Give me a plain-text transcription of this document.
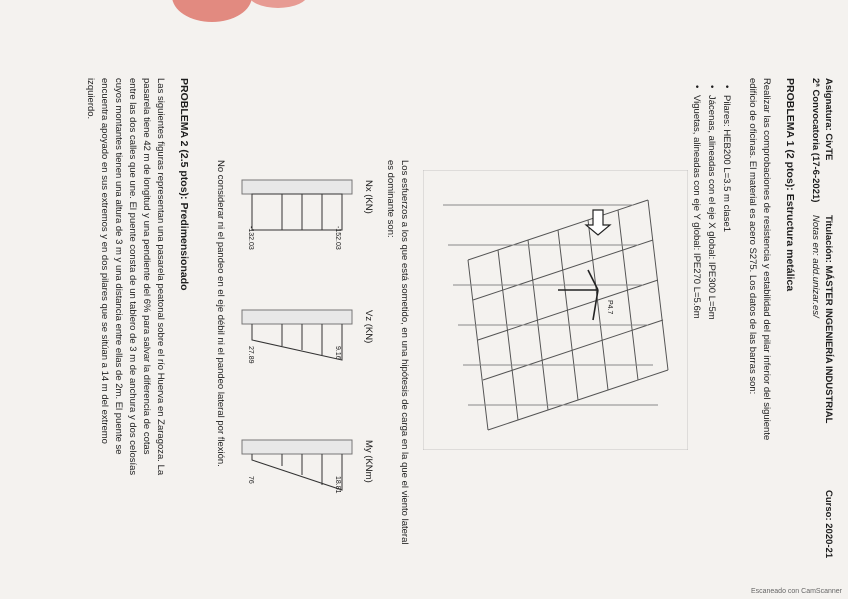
Asignatura: CivTE
Titulación: MÁSTER INGENIERÍA INDUSTRIAL
Curso: 2020-21
2ª Convocatoria (17-6-2021)
Notas en: add.unizar.es/
PROBLEMA 1 (2 ptos): Estructura metálica
Realizar las comprobaciones de resistencia y estabilidad del pilar inferior del siguiente
edificio de oficinas. El material es acero S275. Los datos de las barras son:
• Pilares: HEB200 L=3.5 m clase1
• Jácenas, alineadas con el eje X global: IPE300 L=5m
• Viguetas, alineadas con eje Y global: IPE270 L=5.6m
P4.7
Los esfuerzos a los que está sometido, en una hipótesis de carga en la que el viento lateral
es dominante son:
Nx (KN)
Vz (KN)
My (KNm)
-152.03
-132.03
9.16
27.89
18.81
76
No considerar ni el pandeo en el eje débil ni el pandeo lateral por flexión.
PROBLEMA 2 (2.5 ptos): Predimensionado
Las siguientes figuras representan una pasarela peatonal sobre el río Huerva en Zaragoza. La
pasarela tiene 42 m de longitud y una pendiente del 6% para salvar la diferencia de cotas
entre las dos calles que une. El puente consta de un tablero de 3 m de anchura y dos celosías
cuyos montantes tienen una altura de 3 m y una distancia entre ellas de 2m. El puente se
encuentra apoyado en sus extremos y en dos pilares que se sitúan a 14 m del extremo
izquierdo.
Escaneado con CamScanner
